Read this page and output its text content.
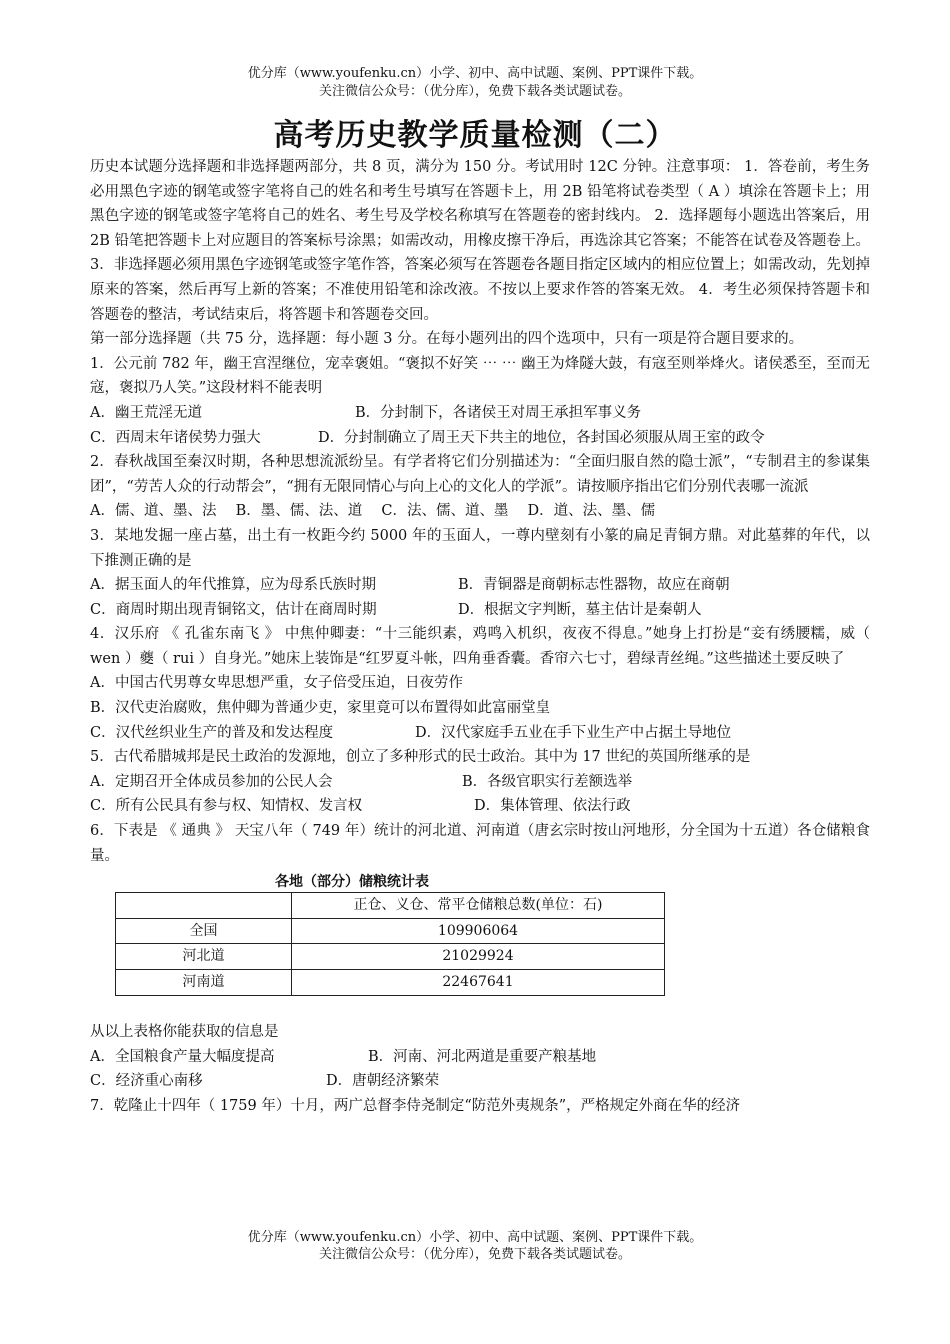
优分库（www.youfenku.cn）小学、初中、高中试题、案例、PPT课件下载。
关注微信公众号：（优分库），免费下载各类试题试卷。
高考历史教学质量检测（二）

历史本试题分选择题和非选择题两部分，共 8 页，满分为 150 分。考试用时 12C 分钟。注意事项： 1．答卷前，考生务必用黑色字迹的钢笔或签字笔将自己的姓名和考生号填写在答题卡上，用 2B 铅笔将试卷类型（ A ）填涂在答题卡上；用黑色字迹的钢笔或签字笔将自己的姓名、考生号及学校名称填写在答题卷的密封线内。 2．选择题每小题选出答案后，用 2B 铅笔把答题卡上对应题目的答案标号涂黑；如需改动，用橡皮擦干净后，再选涂其它答案；不能答在试卷及答题卷上。 3．非选择题必须用黑色字迹钢笔或签字笔作答，答案必须写在答题卷各题目指定区域内的相应位置上；如需改动，先划掉原来的答案，然后再写上新的答案；不准使用铅笔和涂改液。不按以上要求作答的答案无效。 4．考生必须保持答题卡和答题卷的整洁，考试结束后，将答题卡和答题卷交回。

第一部分选择题（共 75 分，选择题：每小题 3 分。在每小题列出的四个选项中，只有一项是符合题目要求的。

1．公元前 782 年，幽王宫涅继位，宠幸褒姐。“褒拟不好笑 ⋯ ⋯ 幽王为烽隧大鼓，有寇至则举烽火。诸侯悉至，至而无寇，褒拟乃人笑。”这段材料不能表明

A．幽王荒淫无道	B．分封制下，各诸侯王对周王承担军事义务
C．西周末年诸侯势力强大	D．分封制确立了周王天下共主的地位，各封国必须服从周王室的政令

2．春秋战国至秦汉时期，各种思想流派纷呈。有学者将它们分别描述为：“全面归服自然的隐士派”，“专制君主的参谋集团”，“劳苦人众的行动帮会”，“拥有无限同情心与向上心的文化人的学派”。请按顺序指出它们分别代表哪一流派

A．儒、道、墨、法　 B．墨、儒、法、道　 C．法、儒、道、墨　 D．道、法、墨、儒

3．某地发掘一座占墓，出土有一枚距今约 5000 年的玉面人，一尊内壁刻有小篆的扁足青铜方鼎。对此墓葬的年代，以下推测正确的是

A．据玉面人的年代推算，应为母系氏族时期	B．青铜器是商朝标志性器物，故应在商朝
C．商周时期出现青铜铭文，估计在商周时期	D．根据文字判断，墓主估计是秦朝人

4．汉乐府 《 孔雀东南飞 》 中焦仲卿妻：“十三能织素，鸡鸣入机织，夜夜不得息。”她身上打扮是“妾有绣腰糯，威（ wen ）夔（ rui ）自身光。”她床上装饰是“红罗夏斗帐，四角垂香囊。香帘六七寸，碧绿青丝绳。”这些描述土要反映了

A．中国古代男尊女卑思想严重，女子倍受压迫，日夜劳作
B．汉代吏治腐败，焦仲卿为普通少吏，家里竟可以布置得如此富丽堂皇
C．汉代丝织业生产的普及和发达程度	D．汉代家庭手五业在手下业生产中占据土导地位

5．古代希腊城邦是民土政治的发源地，创立了多种形式的民士政治。其中为 17 世纪的英国所继承的是

A．定期召开全体成员参加的公民人会	B．各级官职实行差额选举
C．所有公民具有参与权、知情权、发言权	D．集体管理、依法行政

6．下表是 《 通典 》 天宝八年（ 749 年）统计的河北道、河南道（唐玄宗时按山河地形，分全国为十五道）各仓储粮食量。

各地（部分）储粮统计表
	正仓、义仓、常平仓储粮总数(单位：石)
全国	109906064
河北道	21029924
河南道	22467641

从以上表格你能获取的信息是

A．全国粮食产量大幅度提高	B．河南、河北两道是重要产粮基地
C．经济重心南移	D．唐朝经济繁荣

7．乾隆止十四年（ 1759 年）十月，两广总督李侍尧制定“防范外夷规条”，严格规定外商在华的经济

优分库（www.youfenku.cn）小学、初中、高中试题、案例、PPT课件下载。
关注微信公众号：（优分库），免费下载各类试题试卷。
